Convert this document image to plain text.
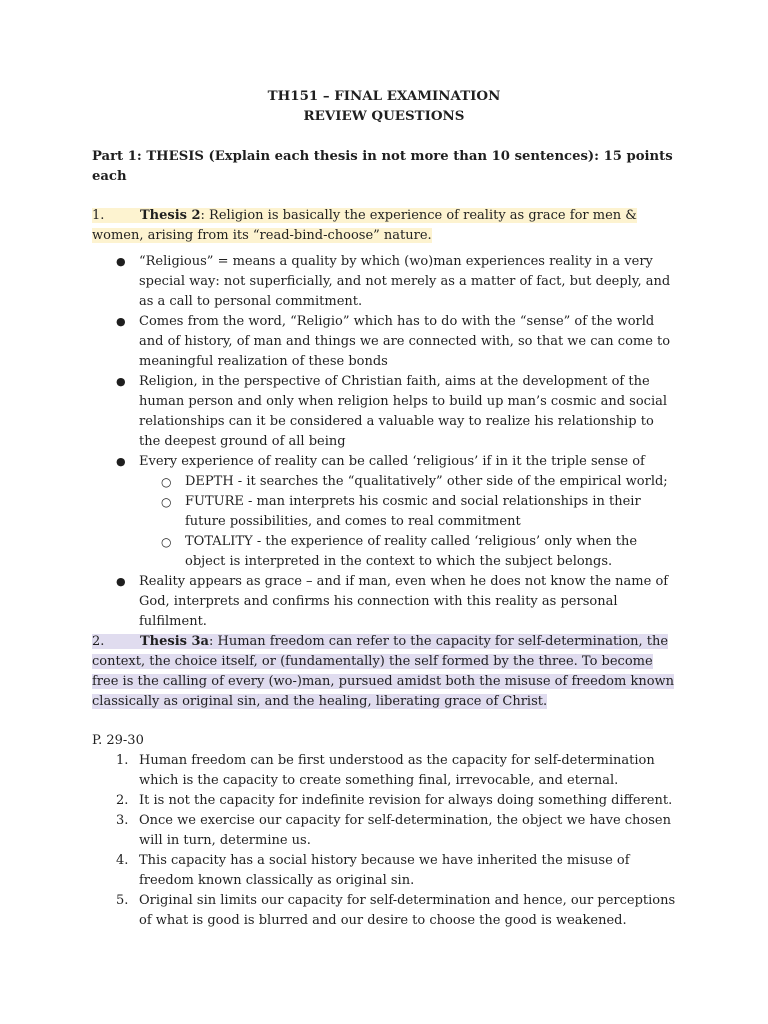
TH151 – FINAL EXAMINATION
REVIEW QUESTIONS
Part 1: THESIS (Explain each thesis in not more than 10 sentences): 15 points each
1.	Thesis 2: Religion is basically the experience of reality as grace for men & women, arising from its “read-bind-choose” nature.
● “Religious” = means a quality by which (wo)man experiences reality in a very special way: not superficially, and not merely as a matter of fact, but deeply, and as a call to personal commitment.
● Comes from the word, “Religio” which has to do with the “sense” of the world and of history, of man and things we are connected with, so that we can come to meaningful realization of these bonds
● Religion, in the perspective of Christian faith, aims at the development of the human person and only when religion helps to build up man’s cosmic and social relationships can it be considered a valuable way to realize his relationship to the deepest ground of all being
● Every experience of reality can be called ‘religious’ if in it the triple sense of
○ DEPTH - it searches the “qualitatively” other side of the empirical world;
○ FUTURE - man interprets his cosmic and social relationships in their future possibilities, and comes to real commitment
○ TOTALITY - the experience of reality called ‘religious’ only when the object is interpreted in the context to which the subject belongs.
● Reality appears as grace – and if man, even when he does not know the name of God, interprets and confirms his connection with this reality as personal fulfilment.
2.	Thesis 3a: Human freedom can refer to the capacity for self-determination, the context, the choice itself, or (fundamentally) the self formed by the three. To become free is the calling of every (wo-)man, pursued amidst both the misuse of freedom known classically as original sin, and the healing, liberating grace of Christ.
P. 29-30
1. Human freedom can be first understood as the capacity for self-determination which is the capacity to create something final, irrevocable, and eternal.
2. It is not the capacity for indefinite revision for always doing something different.
3. Once we exercise our capacity for self-determination, the object we have chosen will in turn, determine us.
4. This capacity has a social history because we have inherited the misuse of freedom known classically as original sin.
5. Original sin limits our capacity for self-determination and hence, our perceptions of what is good is blurred and our desire to choose the good is weakened.
